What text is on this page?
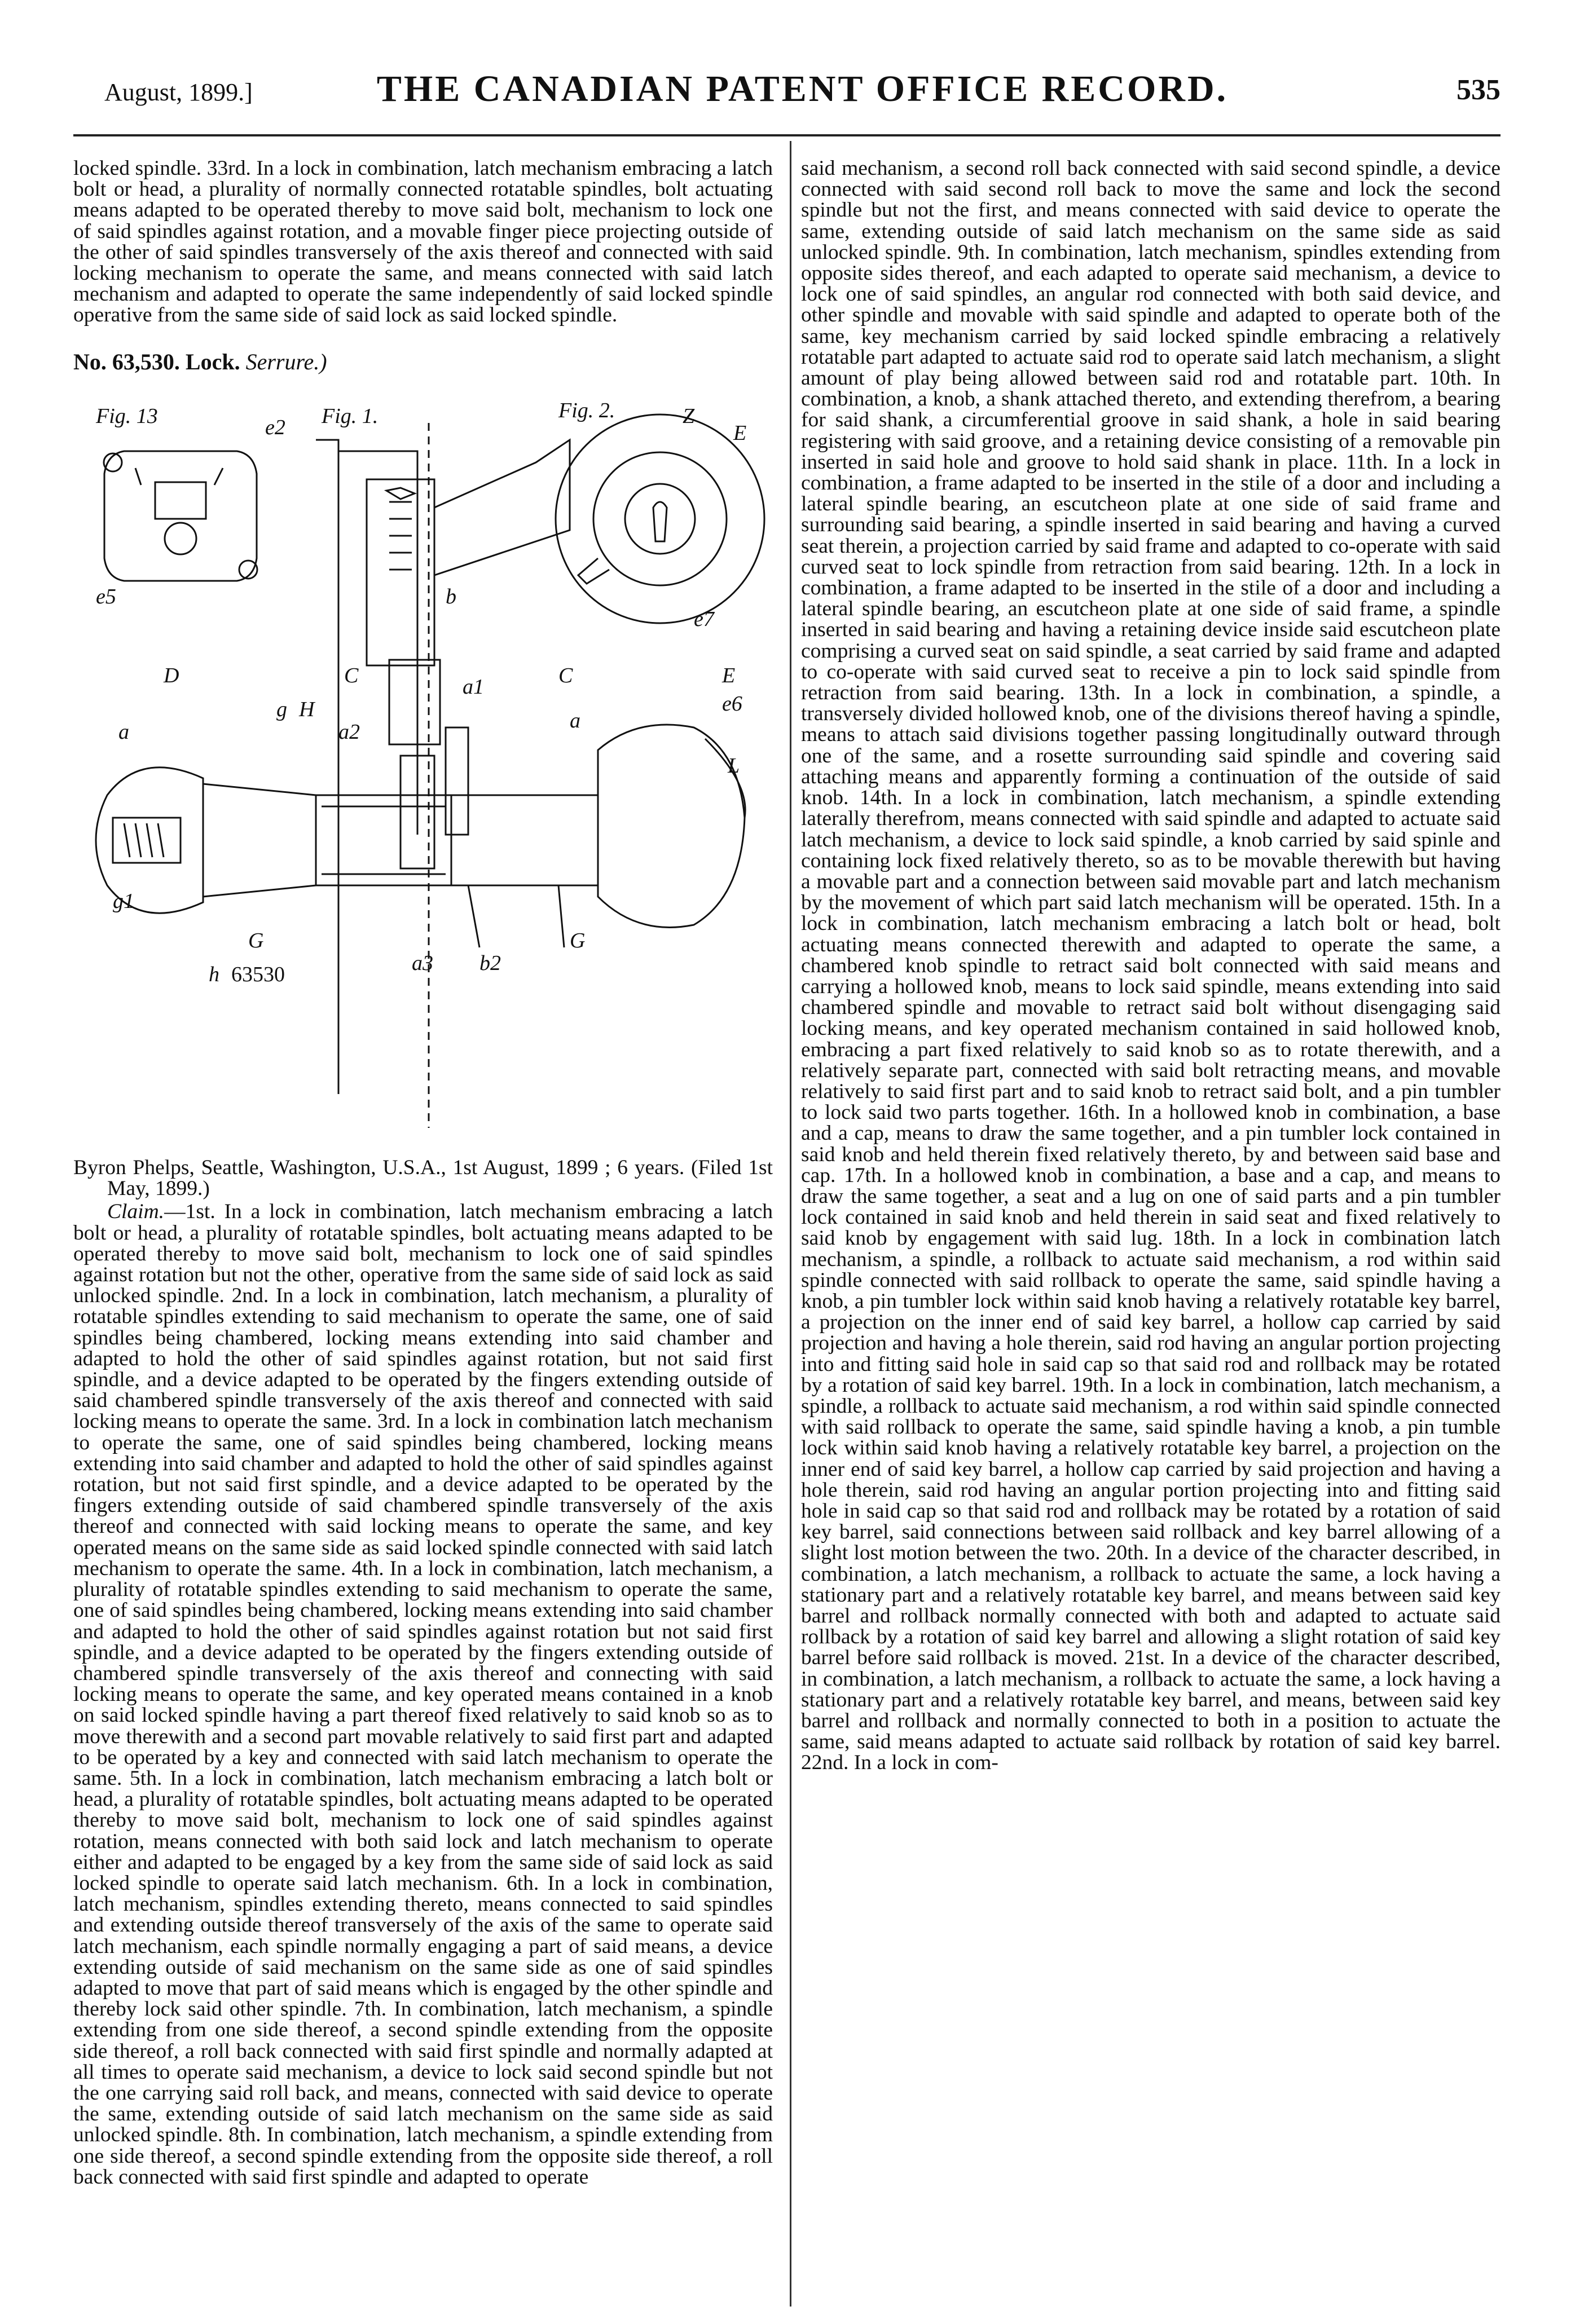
August, 1899.]	THE CANADIAN PATENT OFFICE RECORD.	535

locked spindle. 33rd. In a lock in combination, latch mechanism embracing a latch bolt or head, a plurality of normally connected rotatable spindles, bolt actuating means adapted to be operated thereby to move said bolt, mechanism to lock one of said spindles against rotation, and a movable finger piece projecting outside of the other of said spindles transversely of the axis thereof and connected with said locking mechanism to operate the same, and means connected with said latch mechanism and adapted to operate the same independently of said locked spindle operative from the same side of said lock as said locked spindle.

No. 63,530. Lock. Serrure.)

Fig. 13	Fig. 1.	Fig. 2.	Z
E
e2
e5
e7
D	C	C	E
e6
L
a
a
g H
a2
a1
b
g1
G	G
a3 b2
h 63530

Byron Phelps, Seattle, Washington, U.S.A., 1st August, 1899 ; 6 years. (Filed 1st May, 1899.)

Claim.—1st. In a lock in combination, latch mechanism embracing a latch bolt or head, a plurality of rotatable spindles, bolt actuating means adapted to be operated thereby to move said bolt, mechanism to lock one of said spindles against rotation but not the other, operative from the same side of said lock as said unlocked spindle. 2nd. In a lock in combination, latch mechanism, a plurality of rotatable spindles extending to said mechanism to operate the same, one of said spindles being chambered, locking means extending into said chamber and adapted to hold the other of said spindles against rotation, but not said first spindle, and a device adapted to be operated by the fingers extending outside of said chambered spindle transversely of the axis thereof and connected with said locking means to operate the same. 3rd. In a lock in combination latch mechanism to operate the same, one of said spindles being chambered, locking means extending into said chamber and adapted to hold the other of said spindles against rotation, but not said first spindle, and a device adapted to be operated by the fingers extending outside of said chambered spindle transversely of the axis thereof and connected with said locking means to operate the same, and key operated means on the same side as said locked spindle connected with said latch mechanism to operate the same. 4th. In a lock in combination, latch mechanism, a plurality of rotatable spindles extending to said mechanism to operate the same, one of said spindles being chambered, locking means extending into said chamber and adapted to hold the other of said spindles against rotation but not said first spindle, and a device adapted to be operated by the fingers extending outside of chambered spindle transversely of the axis thereof and connecting with said locking means to operate the same, and key operated means contained in a knob on said locked spindle having a part thereof fixed relatively to said knob so as to move therewith and a second part movable relatively to said first part and adapted to be operated by a key and connected with said latch mechanism to operate the same. 5th. In a lock in combination, latch mechanism embracing a latch bolt or head, a plurality of rotatable spindles, bolt actuating means adapted to be operated thereby to move said bolt, mechanism to lock one of said spindles against rotation, means connected with both said lock and latch mechanism to operate either and adapted to be engaged by a key from the same side of said lock as said locked spindle to operate said latch mechanism. 6th. In a lock in combination, latch mechanism, spindles extending thereto, means connected to said spindles and extending outside thereof transversely of the axis of the same to operate said latch mechanism, each spindle normally engaging a part of said means, a device extending outside of said mechanism on the same side as one of said spindles adapted to move that part of said means which is engaged by the other spindle and thereby lock said other spindle. 7th. In combination, latch mechanism, a spindle extending from one side thereof, a second spindle extending from the opposite side thereof, a roll back connected with said first spindle and normally adapted at all times to operate said mechanism, a device to lock said second spindle but not the one carrying said roll back, and means, connected with said device to operate the same, extending outside of said latch mechanism on the same side as said unlocked spindle. 8th. In combination, latch mechanism, a spindle extending from one side thereof, a second spindle extending from the opposite side thereof, a roll back connected with said first spindle and adapted to operate

said mechanism, a second roll back connected with said second spindle, a device connected with said second roll back to move the same and lock the second spindle but not the first, and means connected with said device to operate the same, extending outside of said latch mechanism on the same side as said unlocked spindle. 9th. In combination, latch mechanism, spindles extending from opposite sides thereof, and each adapted to operate said mechanism, a device to lock one of said spindles, an angular rod connected with both said device, and other spindle and movable with said spindle and adapted to operate both of the same, key mechanism carried by said locked spindle embracing a relatively rotatable part adapted to actuate said rod to operate said latch mechanism, a slight amount of play being allowed between said rod and rotatable part. 10th. In combination, a knob, a shank attached thereto, and extending therefrom, a bearing for said shank, a circumferential groove in said shank, a hole in said bearing registering with said groove, and a retaining device consisting of a removable pin inserted in said hole and groove to hold said shank in place. 11th. In a lock in combination, a frame adapted to be inserted in the stile of a door and including a lateral spindle bearing, an escutcheon plate at one side of said frame and surrounding said bearing, a spindle inserted in said bearing and having a curved seat therein, a projection carried by said frame and adapted to co-operate with said curved seat to lock spindle from retraction from said bearing. 12th. In a lock in combination, a frame adapted to be inserted in the stile of a door and including a lateral spindle bearing, an escutcheon plate at one side of said frame, a spindle inserted in said bearing and having a retaining device inside said escutcheon plate comprising a curved seat on said spindle, a seat carried by said frame and adapted to co-operate with said curved seat to receive a pin to lock said spindle from retraction from said bearing. 13th. In a lock in combination, a spindle, a transversely divided hollowed knob, one of the divisions thereof having a spindle, means to attach said divisions together passing longitudinally outward through one of the same, and a rosette surrounding said spindle and covering said attaching means and apparently forming a continuation of the outside of said knob. 14th. In a lock in combination, latch mechanism, a spindle extending laterally therefrom, means connected with said spindle and adapted to actuate said latch mechanism, a device to lock said spindle, a knob carried by said spinle and containing lock fixed relatively thereto, so as to be movable therewith but having a movable part and a connection between said movable part and latch mechanism by the movement of which part said latch mechanism will be operated. 15th. In a lock in combination, latch mechanism embracing a latch bolt or head, bolt actuating means connected therewith and adapted to operate the same, a chambered knob spindle to retract said bolt connected with said means and carrying a hollowed knob, means to lock said spindle, means extending into said chambered spindle and movable to retract said bolt without disengaging said locking means, and key operated mechanism contained in said hollowed knob, embracing a part fixed relatively to said knob so as to rotate therewith, and a relatively separate part, connected with said bolt retracting means, and movable relatively to said first part and to said knob to retract said bolt, and a pin tumbler to lock said two parts together. 16th. In a hollowed knob in combination, a base and a cap, means to draw the same together, and a pin tumbler lock contained in said knob and held therein fixed relatively thereto, by and between said base and cap. 17th. In a hollowed knob in combination, a base and a cap, and means to draw the same together, a seat and a lug on one of said parts and a pin tumbler lock contained in said knob and held therein in said seat and fixed relatively to said knob by engagement with said lug. 18th. In a lock in combination latch mechanism, a spindle, a rollback to actuate said mechanism, a rod within said spindle connected with said rollback to operate the same, said spindle having a knob, a pin tumbler lock within said knob having a relatively rotatable key barrel, a projection on the inner end of said key barrel, a hollow cap carried by said projection and having a hole therein, said rod having an angular portion projecting into and fitting said hole in said cap so that said rod and rollback may be rotated by a rotation of said key barrel. 19th. In a lock in combination, latch mechanism, a spindle, a rollback to actuate said mechanism, a rod within said spindle connected with said rollback to operate the same, said spindle having a knob, a pin tumble lock within said knob having a relatively rotatable key barrel, a projection on the inner end of said key barrel, a hollow cap carried by said projection and having a hole therein, said rod having an angular portion projecting into and fitting said hole in said cap so that said rod and rollback may be rotated by a rotation of said key barrel, said connections between said rollback and key barrel allowing of a slight lost motion between the two. 20th. In a device of the character described, in combination, a latch mechanism, a rollback to actuate the same, a lock having a stationary part and a relatively rotatable key barrel, and means between said key barrel and rollback normally connected with both and adapted to actuate said rollback by a rotation of said key barrel and allowing a slight rotation of said key barrel before said rollback is moved. 21st. In a device of the character described, in combination, a latch mechanism, a rollback to actuate the same, a lock having a stationary part and a relatively rotatable key barrel, and means, between said key barrel and rollback and normally connected to both in a position to actuate the same, said means adapted to actuate said rollback by rotation of said key barrel. 22nd. In a lock in com-
